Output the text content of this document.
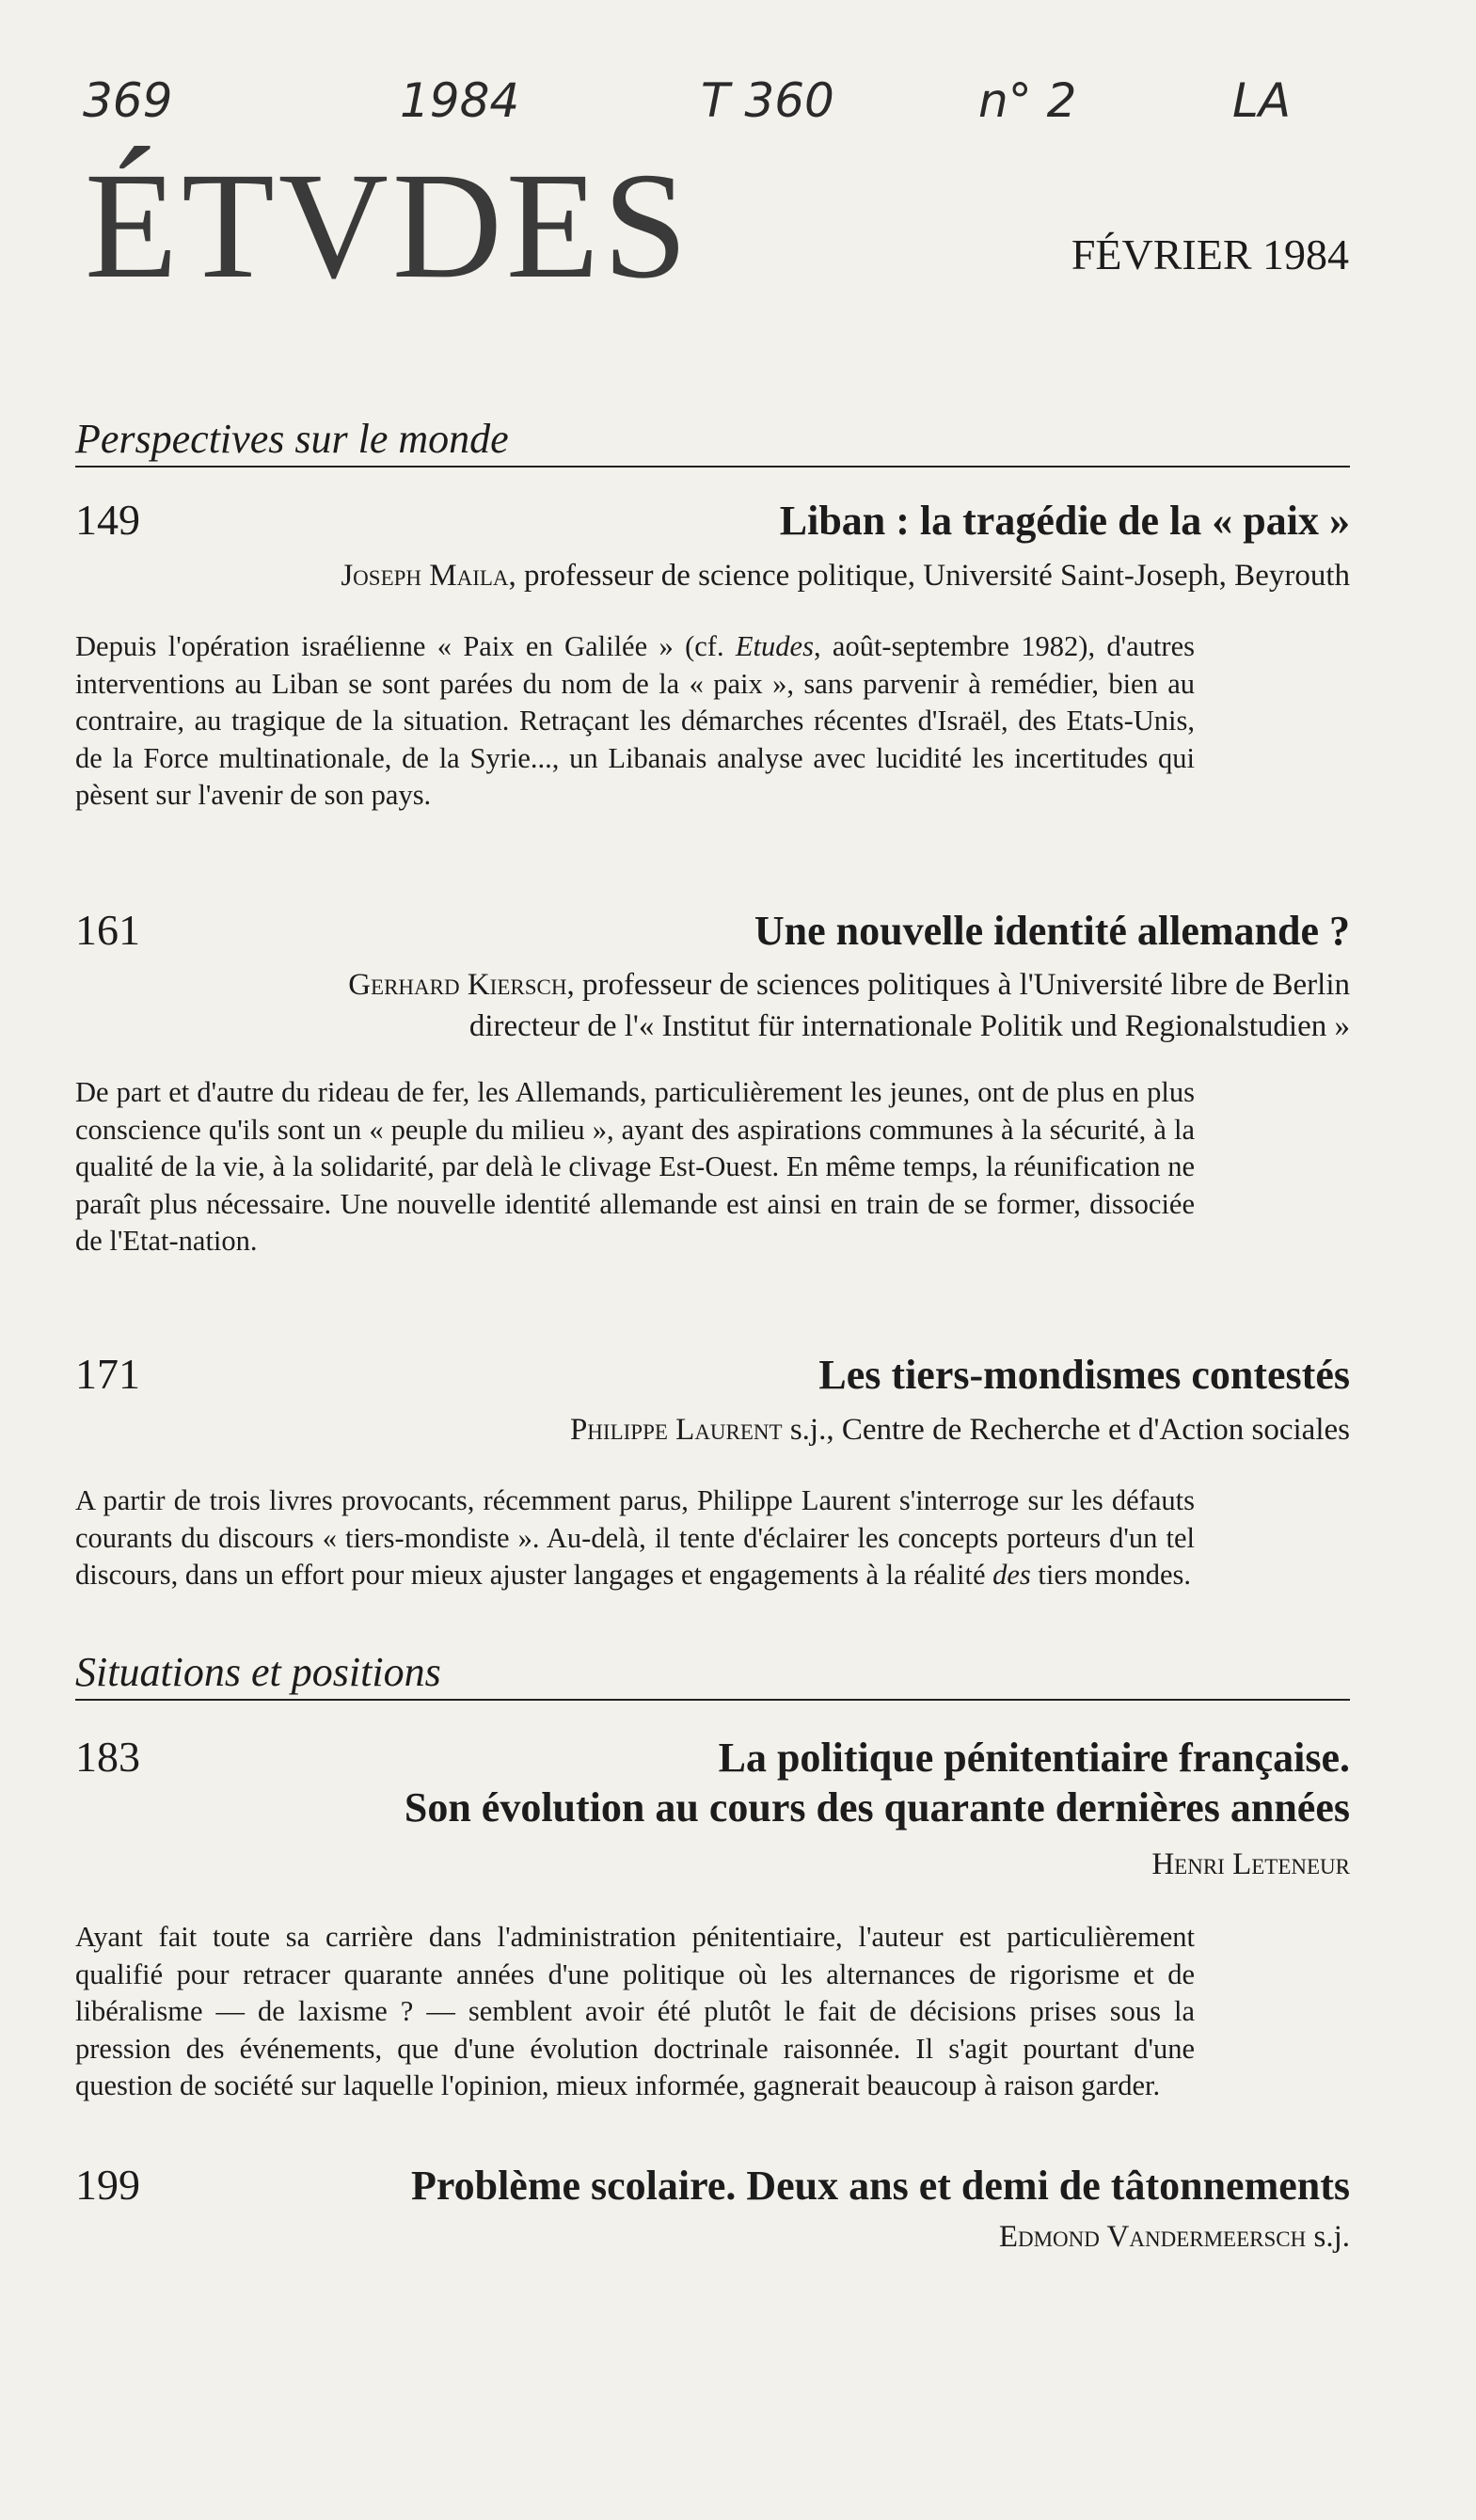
369	1984	T 360	n° 2	LA
ÉTVDES	FÉVRIER 1984
Perspectives sur le monde
149	Liban : la tragédie de la « paix »
Joseph Maila, professeur de science politique, Université Saint-Joseph, Beyrouth
Depuis l'opération israélienne « Paix en Galilée » (cf. Etudes, août-septembre 1982), d'autres interventions au Liban se sont parées du nom de la « paix », sans parvenir à remédier, bien au contraire, au tragique de la situation. Retraçant les démarches récentes d'Israël, des Etats-Unis, de la Force multinationale, de la Syrie..., un Libanais analyse avec lucidité les incertitudes qui pèsent sur l'avenir de son pays.
161	Une nouvelle identité allemande ?
Gerhard Kiersch, professeur de sciences politiques à l'Université libre de Berlin
directeur de l'« Institut für internationale Politik und Regionalstudien »
De part et d'autre du rideau de fer, les Allemands, particulièrement les jeunes, ont de plus en plus conscience qu'ils sont un « peuple du milieu », ayant des aspirations communes à la sécurité, à la qualité de la vie, à la solidarité, par delà le clivage Est-Ouest. En même temps, la réunification ne paraît plus nécessaire. Une nouvelle identité allemande est ainsi en train de se former, dissociée de l'Etat-nation.
171	Les tiers-mondismes contestés
Philippe Laurent s.j., Centre de Recherche et d'Action sociales
A partir de trois livres provocants, récemment parus, Philippe Laurent s'interroge sur les défauts courants du discours « tiers-mondiste ». Au-delà, il tente d'éclairer les concepts porteurs d'un tel discours, dans un effort pour mieux ajuster langages et engagements à la réalité des tiers mondes.
Situations et positions
183	La politique pénitentiaire française.
Son évolution au cours des quarante dernières années
Henri Leteneur
Ayant fait toute sa carrière dans l'administration pénitentiaire, l'auteur est particulièrement qualifié pour retracer quarante années d'une politique où les alternances de rigorisme et de libéralisme — de laxisme ? — semblent avoir été plutôt le fait de décisions prises sous la pression des événements, que d'une évolution doctrinale raisonnée. Il s'agit pourtant d'une question de société sur laquelle l'opinion, mieux informée, gagnerait beaucoup à raison garder.
199	Problème scolaire. Deux ans et demi de tâtonnements
Edmond Vandermeersch s.j.
